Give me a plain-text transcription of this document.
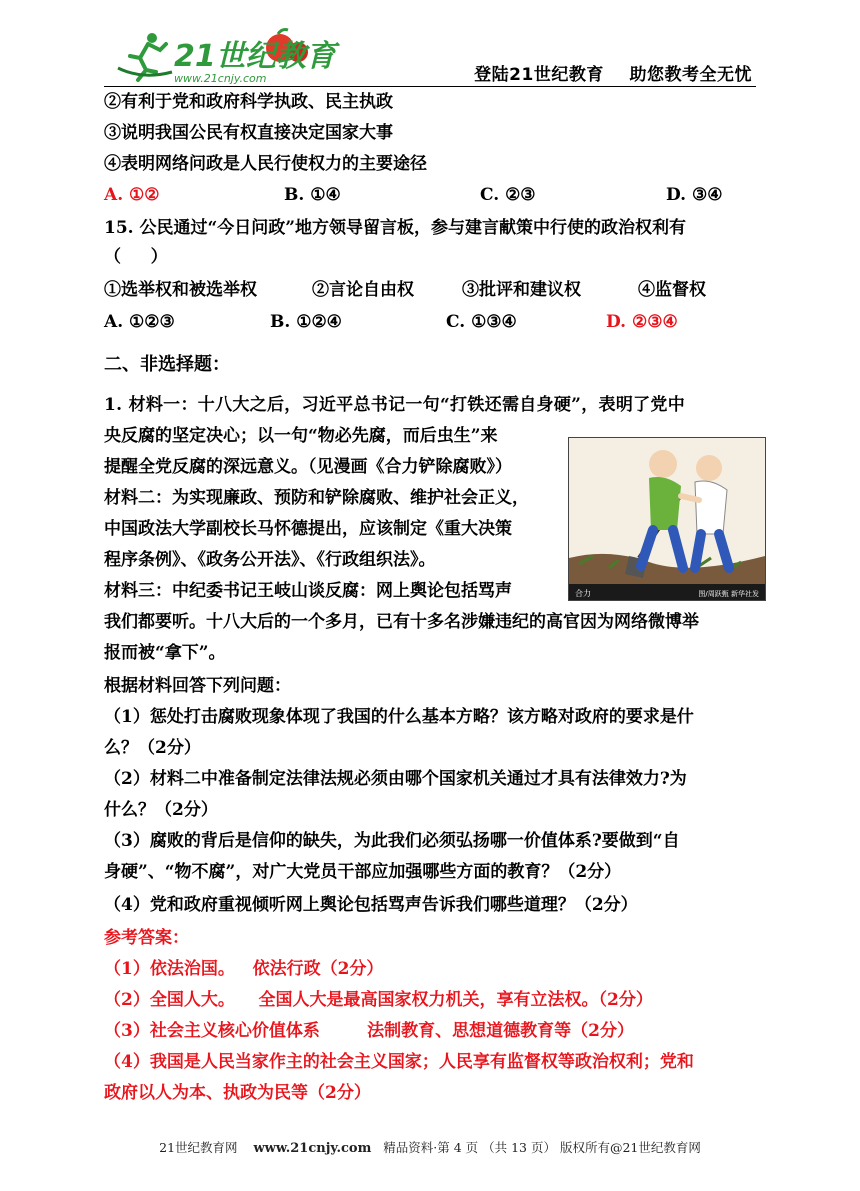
21世纪教育
www.21cnjy.com	登陆21世纪教育    助您教考全无忧
②有利于党和政府科学执政、民主执政
③说明我国公民有权直接决定国家大事
④表明网络问政是人民行使权力的主要途径
A. ①②	B. ①④	C. ②③	D. ③④
15. 公民通过“今日问政”地方领导留言板，参与建言献策中行使的政治权利有
（     ）
①选举权和被选举权	②言论自由权	③批评和建议权	④监督权
A. ①②③	B. ①②④	C. ①③④	D. ②③④
二、非选择题：
1. 材料一：十八大之后，习近平总书记一句“打铁还需自身硬”，表明了党中
央反腐的坚定决心；以一句“物必先腐，而后虫生”来
提醒全党反腐的深远意义。（见漫画《合力铲除腐败》）
材料二：为实现廉政、预防和铲除腐败、维护社会正义，
中国政法大学副校长马怀德提出，应该制定《重大决策
程序条例》、《政务公开法》、《行政组织法》。
材料三：中纪委书记王岐山谈反腐：网上舆论包括骂声
我们都要听。十八大后的一个多月，已有十多名涉嫌违纪的高官因为网络微博举
报而被“拿下”。
合力	图/周跃甄 新华社发
根据材料回答下列问题：
（1）惩处打击腐败现象体现了我国的什么基本方略？该方略对政府的要求是什
么？（2分）
（2）材料二中准备制定法律法规必须由哪个国家机关通过才具有法律效力?为
什么？（2分）
（3）腐败的背后是信仰的缺失，为此我们必须弘扬哪一价值体系?要做到“自
身硬”、“物不腐”，对广大党员干部应加强哪些方面的教育？（2分）
（4）党和政府重视倾听网上舆论包括骂声告诉我们哪些道理？（2分）
参考答案：
（1）依法治国。   依法行政（2分）
（2）全国人大。    全国人大是最高国家权力机关，享有立法权。（2分）
（3）社会主义核心价值体系        法制教育、思想道德教育等（2分）
（4）我国是人民当家作主的社会主义国家；人民享有监督权等政治权利；党和
政府以人为本、执政为民等（2分）
21世纪教育网 www.21cnjy.com 精品资料·第 4 页 （共 13 页） 版权所有@21世纪教育网
